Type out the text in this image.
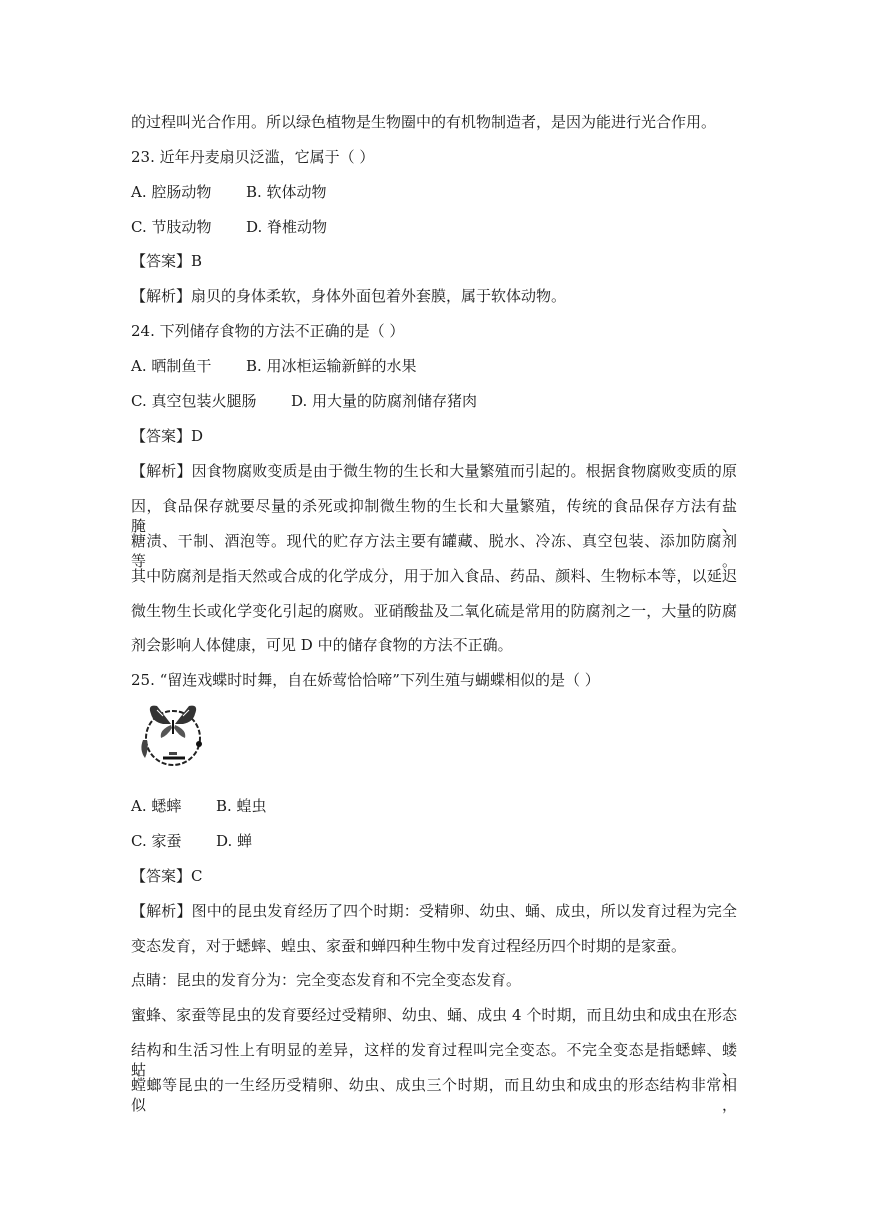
的过程叫光合作用。所以绿色植物是生物圈中的有机物制造者，是因为能进行光合作用。
23. 近年丹麦扇贝泛滥，它属于（ ）
A. 腔肠动物 B. 软体动物
C. 节肢动物 D. 脊椎动物
【答案】B
【解析】扇贝的身体柔软，身体外面包着外套膜，属于软体动物。
24. 下列储存食物的方法不正确的是（ ）
A. 晒制鱼干 B. 用冰柜运输新鲜的水果
C. 真空包装火腿肠 D. 用大量的防腐剂储存猪肉
【答案】D
【解析】因食物腐败变质是由于微生物的生长和大量繁殖而引起的。根据食物腐败变质的原
因，食品保存就要尽量的杀死或抑制微生物的生长和大量繁殖，传统的食品保存方法有盐腌、
糖渍、干制、酒泡等。现代的贮存方法主要有罐藏、脱水、冷冻、真空包装、添加防腐剂等。
其中防腐剂是指天然或合成的化学成分，用于加入食品、药品、颜料、生物标本等，以延迟
微生物生长或化学变化引起的腐败。亚硝酸盐及二氧化硫是常用的防腐剂之一，大量的防腐
剂会影响人体健康，可见 D 中的储存食物的方法不正确。
25. “留连戏蝶时时舞，自在娇莺恰恰啼”下列生殖与蝴蝶相似的是（ ）
A. 蟋蟀 B. 蝗虫
C. 家蚕 D. 蝉
【答案】C
【解析】图中的昆虫发育经历了四个时期：受精卵、幼虫、蛹、成虫，所以发育过程为完全
变态发育，对于蟋蟀、蝗虫、家蚕和蝉四种生物中发育过程经历四个时期的是家蚕。
点睛：昆虫的发育分为：完全变态发育和不完全变态发育。
蜜蜂、家蚕等昆虫的发育要经过受精卵、幼虫、蛹、成虫 4 个时期，而且幼虫和成虫在形态
结构和生活习性上有明显的差异，这样的发育过程叫完全变态。不完全变态是指蟋蟀、蝼蛄、
螳螂等昆虫的一生经历受精卵、幼虫、成虫三个时期，而且幼虫和成虫的形态结构非常相似，
